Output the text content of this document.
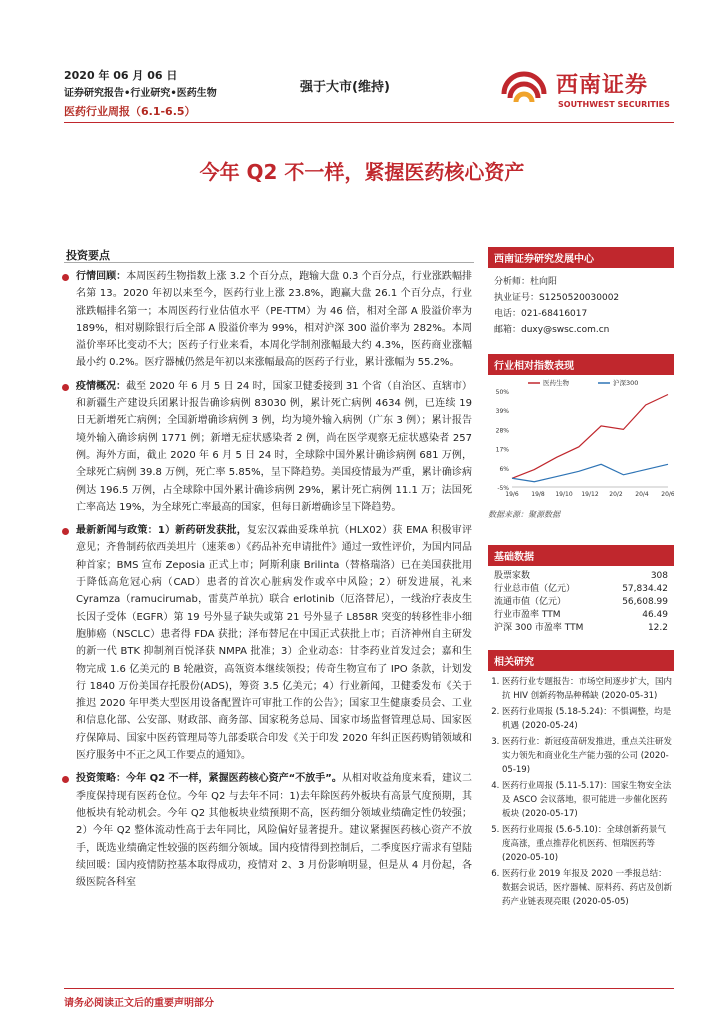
2020 年 06 月 06 日
证券研究报告•行业研究•医药生物
医药行业周报（6.1-6.5）
强于大市(维持)	西南证券
SOUTHWEST SECURITIES
今年 Q2 不一样，紧握医药核心资产
投资要点
行情回顾：本周医药生物指数上涨 3.2 个百分点，跑输大盘 0.3 个百分点，行业涨跌幅排名第 13。2020 年初以来至今，医药行业上涨 23.8%，跑赢大盘 26.1 个百分点，行业涨跌幅排名第一；本周医药行业估值水平（PE-TTM）为 46 倍，相对全部 A 股溢价率为 189%，相对剔除银行后全部 A 股溢价率为 99%，相对沪深 300 溢价率为 282%。本周溢价率环比变动不大；医药子行业来看，本周化学制剂涨幅最大约 4.3%，医药商业涨幅最小约 0.2%。医疗器械仍然是年初以来涨幅最高的医药子行业，累计涨幅为 55.2%。
疫情概况：截至 2020 年 6 月 5 日 24 时，国家卫健委接到 31 个省（自治区、直辖市）和新疆生产建设兵团累计报告确诊病例 83030 例，累计死亡病例 4634 例，已连续 19 日无新增死亡病例；全国新增确诊病例 3 例，均为境外输入病例（广东 3 例）；累计报告境外输入确诊病例 1771 例；新增无症状感染者 2 例，尚在医学观察无症状感染者 257 例。海外方面，截止 2020 年 6 月 5 日 24 时，全球除中国外累计确诊病例 681 万例，全球死亡病例 39.8 万例，死亡率 5.85%，呈下降趋势。美国疫情最为严重，累计确诊病例达 196.5 万例，占全球除中国外累计确诊病例 29%，累计死亡病例 11.1 万；法国死亡率高达 19%，为全球死亡率最高的国家，但每日新增确诊呈下降趋势。
最新新闻与政策：1）新药研发获批，复宏汉霖曲妥珠单抗（HLX02）获 EMA 积极审评意见；齐鲁制药依西美坦片（速莱®）《药品补充申请批件》通过一致性评价，为国内同品种首家；BMS 宣布 Zeposia 正式上市；阿斯利康 Brilinta（替格瑞洛）已在美国获批用于降低高危冠心病（CAD）患者的首次心脏病发作或卒中风险；2）研发进展，礼来 Cyramza（ramucirumab，雷莫芦单抗）联合 erlotinib（厄洛替尼），一线治疗表皮生长因子受体（EGFR）第 19 号外显子缺失或第 21 号外显子 L858R 突变的转移性非小细胞肺癌（NSCLC）患者得 FDA 获批；泽布替尼在中国正式获批上市；百济神州自主研发的新一代 BTK 抑制剂百悦泽获 NMPA 批准；3）企业动态：甘李药业首发过会；嘉和生物完成 1.6 亿美元的 B 轮融资，高瓴资本继续领投；传奇生物宣布了 IPO 条款，计划发行 1840 万份美国存托股份(ADS)，筹资 3.5 亿美元；4）行业新闻，卫健委发布《关于推迟 2020 年甲类大型医用设备配置许可审批工作的公告》；国家卫生健康委员会、工业和信息化部、公安部、财政部、商务部、国家税务总局、国家市场监督管理总局、国家医疗保障局、国家中医药管理局等九部委联合印发《关于印发 2020 年纠正医药购销领域和医疗服务中不正之风工作要点的通知》。
投资策略：今年 Q2 不一样，紧握医药核心资产“不放手”。从相对收益角度来看，建议二季度保持现有医药仓位。今年 Q2 与去年不同：1)去年除医药外板块有高景气度预期，其他板块有轮动机会。今年 Q2 其他板块业绩预期不高，医药细分领域业绩确定性仍较强；2）今年 Q2 整体流动性高于去年同比，风险偏好显著提升。建议紧握医药核心资产不放手，既选业绩确定性较强的医药细分领域。国内疫情得到控制后，二季度医疗需求有望陆续回暖：国内疫情防控基本取得成功，疫情对 2、3 月份影响明显，但是从 4 月份起，各级医院各科室
西南证券研究发展中心
分析师：杜向阳
执业证号：S1250520030002
电话：021-68416017
邮箱：duxy@swsc.com.cn
行业相对指数表现
50%
39%
28%
17%
6%
-5%
19/6 19/8 19/10 19/12 20/2 20/4 20/6
医药生物	沪深300
数据来源：聚源数据
基础数据
股票家数	308
行业总市值（亿元）	57,834.42
流通市值（亿元）	56,608.99
行业市盈率 TTM	46.49
沪深 300 市盈率 TTM	12.2
相关研究
1. 医药行业专题报告：市场空间逐步扩大，国内抗 HIV 创新药物品种稀缺 (2020-05-31)
2. 医药行业周报 (5.18-5.24)：不惧调整，均是机遇 (2020-05-24)
3. 医药行业：新冠疫苗研发推进，重点关注研发实力领先和商业化生产能力强的公司 (2020-05-19)
4. 医药行业周报 (5.11-5.17)：国家生物安全法及 ASCO 会议落地，很可能进一步催化医药板块 (2020-05-17)
5. 医药行业周报 (5.6-5.10)：全球创新药景气度高涨，重点推荐化机医药、恒瑞医药等 (2020-05-10)
6. 医药行业 2019 年报及 2020 一季报总结：数据会说话，医疗器械、原料药、药店及创新药产业链表现亮眼 (2020-05-05)
请务必阅读正文后的重要声明部分
